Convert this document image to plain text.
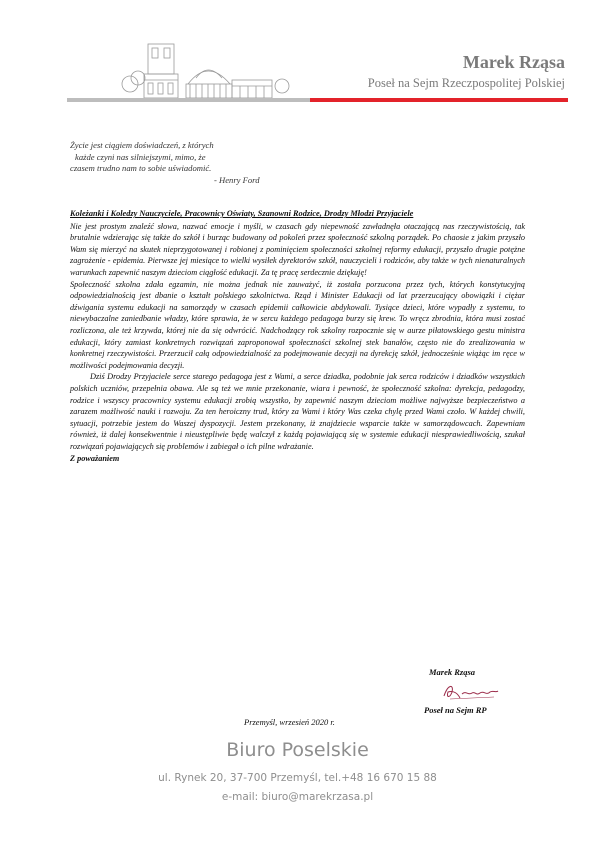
Marek Rząsa
Poseł na Sejm Rzeczpospolitej Polskiej
Życie jest ciągiem doświadczeń, z których
każde czyni nas silniejszymi, mimo, że
czasem trudno nam to sobie uświadomić.
- Henry Ford
Koleżanki i Koledzy Nauczyciele, Pracownicy Oświaty, Szanowni Rodzice, Drodzy Młodzi Przyjaciele

Nie jest prostym znaleźć słowa, nazwać emocje i myśli, w czasach gdy niepewność zawładnęła otaczającą nas rzeczywistością, tak brutalnie wdzierając się także do szkół i burząc budowany od pokoleń przez społeczność szkolną porządek. Po chaosie z jakim przyszło Wam się mierzyć na skutek nieprzygotowanej i robionej z pominięciem społeczności szkolnej reformy edukacji, przyszło drugie potężne zagrożenie - epidemia. Pierwsze jej miesiące to wielki wysiłek dyrektorów szkół, nauczycieli i rodziców, aby także w tych nienaturalnych warunkach zapewnić naszym dzieciom ciągłość edukacji. Za tę pracę serdecznie dziękuję!

Społeczność szkolna zdała egzamin, nie można jednak nie zauważyć, iż została porzucona przez tych, których konstytucyjną odpowiedzialnością jest dbanie o kształt polskiego szkolnictwa. Rząd i Minister Edukacji od lat przerzucający obowiązki i ciężar dźwigania systemu edukacji na samorządy w czasach epidemii całkowicie abdykowali. Tysiące dzieci, które wypadły z systemu, to niewybaczalne zaniedbanie władzy, które sprawia, że w sercu każdego pedagoga burzy się krew. To wręcz zbrodnia, która musi zostać rozliczona, ale też krzywda, której nie da się odwrócić. Nadchodzący rok szkolny rozpocznie się w aurze piłatowskiego gestu ministra edukacji, który zamiast konkretnych rozwiązań zaproponował społeczności szkolnej stek banałów, często nie do zrealizowania w konkretnej rzeczywistości. Przerzucił całą odpowiedzialność za podejmowanie decyzji na dyrekcję szkół, jednocześnie wiążąc im ręce w możliwości podejmowania decyzji.

Dziś Drodzy Przyjaciele serce starego pedagoga jest z Wami, a serce dziadka, podobnie jak serca rodziców i dziadków wszystkich polskich uczniów, przepełnia obawa. Ale są też we mnie przekonanie, wiara i pewność, że społeczność szkolna: dyrekcja, pedagodzy, rodzice i wszyscy pracownicy systemu edukacji zrobią wszystko, by zapewnić naszym dzieciom możliwe najwyższe bezpieczeństwo a zarazem możliwość nauki i rozwoju. Za ten heroiczny trud, który za Wami i który Was czeka chylę przed Wami czoło. W każdej chwili, sytuacji, potrzebie jestem do Waszej dyspozycji. Jestem przekonany, iż znajdziecie wsparcie także w samorządowcach. Zapewniam również, iż dalej konsekwentnie i nieustępliwie będę walczył z każdą pojawiającą się w systemie edukacji niesprawiedliwością, szukał rozwiązań pojawiających się problemów i zabiegał o ich pilne wdrażanie.

Z poważaniem
Marek Rząsa
Poseł na Sejm RP
Przemyśl, wrzesień 2020 r.
Biuro Poselskie
ul. Rynek 20, 37-700 Przemyśl, tel.+48 16 670 15 88
e-mail: biuro@marekrzasa.pl
